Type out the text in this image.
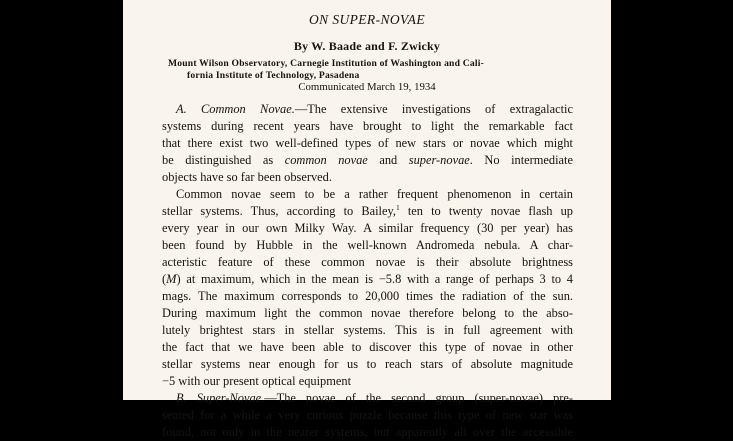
ON SUPER-NOVAE
By W. Baade and F. Zwicky
Mount Wilson Observatory, Carnegie Institution of Washington and Cali-
fornia Institute of Technology, Pasadena
Communicated March 19, 1934
A. Common Novae.—The extensive investigations of extragalactic
systems during recent years have brought to light the remarkable fact
that there exist two well-defined types of new stars or novae which might
be distinguished as common novae and super-novae. No intermediate
objects have so far been observed.
Common novae seem to be a rather frequent phenomenon in certain
stellar systems. Thus, according to Bailey,$^1$ ten to twenty novae flash up
every year in our own Milky Way. A similar frequency (30 per year) has
been found by Hubble in the well-known Andromeda nebula. A char-
acteristic feature of these common novae is their absolute brightness
(M) at maximum, which in the mean is −5.8 with a range of perhaps 3 to 4
mags. The maximum corresponds to 20,000 times the radiation of the sun.
During maximum light the common novae therefore belong to the abso-
lutely brightest stars in stellar systems. This is in full agreement with
the fact that we have been able to discover this type of novae in other
stellar systems near enough for us to reach stars of absolute magnitude
−5 with our present optical equipment
B. Super-Novae.—The novae of the second group (super-novae) pre-
sented for a while a very curious puzzle because this type of new star was
found, not only in the nearer systems, but apparently all over the accessible
